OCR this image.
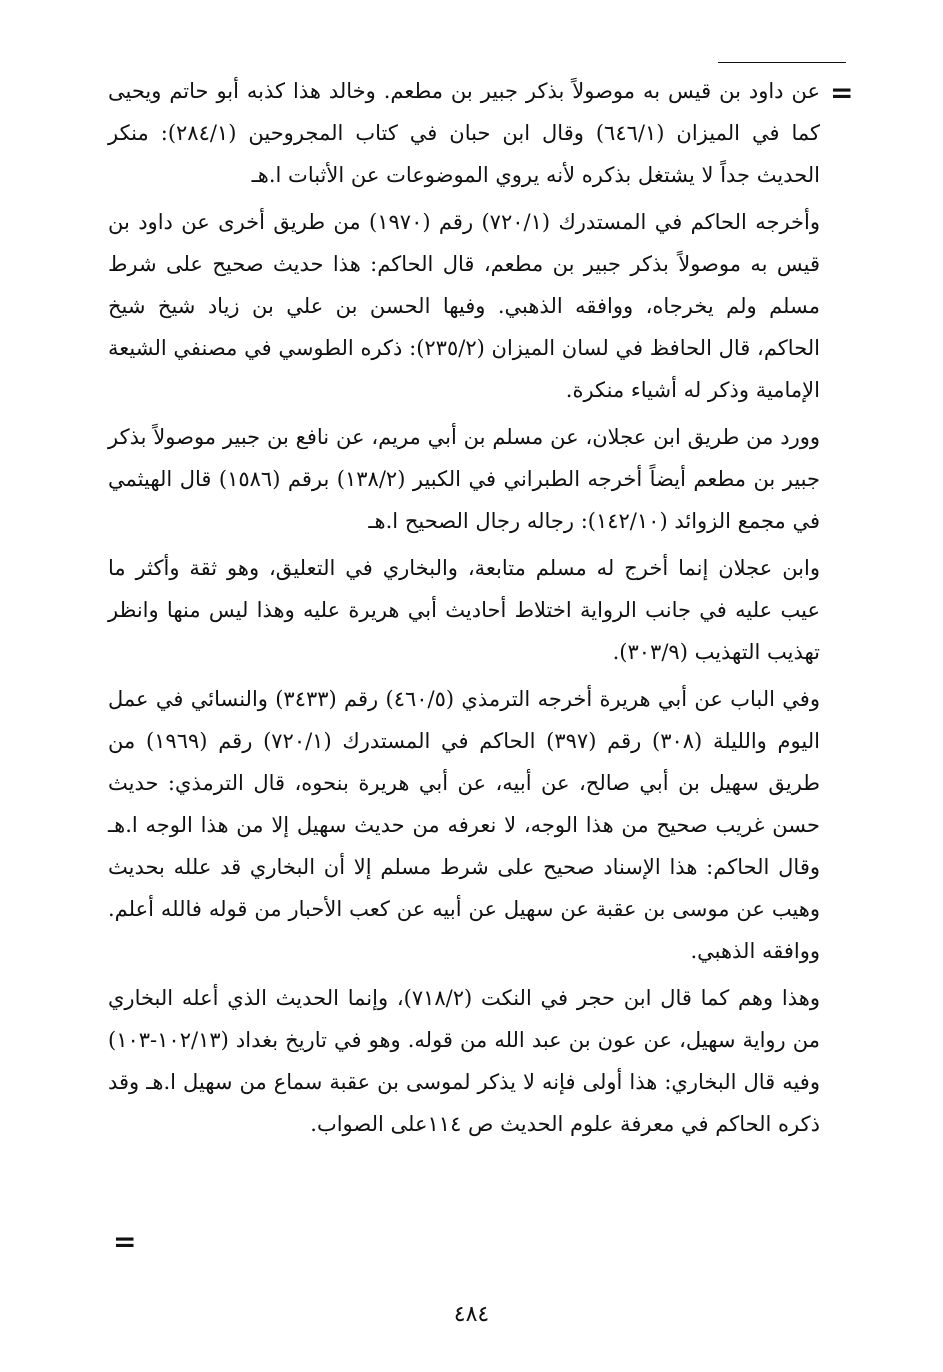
=

عن داود بن قيس به موصولاً بذكر جبير بن مطعم. وخالد هذا كذبه أبو حاتم ويحيى كما في الميزان (٦٤٦/١) وقال ابن حبان في كتاب المجروحين (٢٨٤/١): منكر الحديث جداً لا يشتغل بذكره لأنه يروي الموضوعات عن الأثبات ا.هـ

وأخرجه الحاكم في المستدرك (٧٢٠/١) رقم (١٩٧٠) من طريق أخرى عن داود بن قيس به موصولاً بذكر جبير بن مطعم، قال الحاكم: هذا حديث صحيح على شرط مسلم ولم يخرجاه، ووافقه الذهبي. وفيها الحسن بن علي بن زياد شيخ شيخ الحاكم، قال الحافظ في لسان الميزان (٢٣٥/٢): ذكره الطوسي في مصنفي الشيعة الإمامية وذكر له أشياء منكرة.

وورد من طريق ابن عجلان، عن مسلم بن أبي مريم، عن نافع بن جبير موصولاً بذكر جبير بن مطعم أيضاً أخرجه الطبراني في الكبير (١٣٨/٢) برقم (١٥٨٦) قال الهيثمي في مجمع الزوائد (١٤٢/١٠): رجاله رجال الصحيح ا.هـ

وابن عجلان إنما أخرج له مسلم متابعة، والبخاري في التعليق، وهو ثقة وأكثر ما عيب عليه في جانب الرواية اختلاط أحاديث أبي هريرة عليه وهذا ليس منها وانظر تهذيب التهذيب (٣٠٣/٩).

وفي الباب عن أبي هريرة أخرجه الترمذي (٤٦٠/٥) رقم (٣٤٣٣) والنسائي في عمل اليوم والليلة (٣٠٨) رقم (٣٩٧) الحاكم في المستدرك (٧٢٠/١) رقم (١٩٦٩) من طريق سهيل بن أبي صالح، عن أبيه، عن أبي هريرة بنحوه، قال الترمذي: حديث حسن غريب صحيح من هذا الوجه، لا نعرفه من حديث سهيل إلا من هذا الوجه ا.هـ وقال الحاكم: هذا الإسناد صحيح على شرط مسلم إلا أن البخاري قد علله بحديث وهيب عن موسى بن عقبة عن سهيل عن أبيه عن كعب الأحبار من قوله فالله أعلم. ووافقه الذهبي.

وهذا وهم كما قال ابن حجر في النكت (٧١٨/٢)، وإنما الحديث الذي أعله البخاري من رواية سهيل، عن عون بن عبد الله من قوله. وهو في تاريخ بغداد (١٠٢/١٣-١٠٣) وفيه قال البخاري: هذا أولى فإنه لا يذكر لموسى بن عقبة سماع من سهيل ا.هـ وقد ذكره الحاكم في معرفة علوم الحديث ص ١١٤على الصواب.

=
٤٨٤
